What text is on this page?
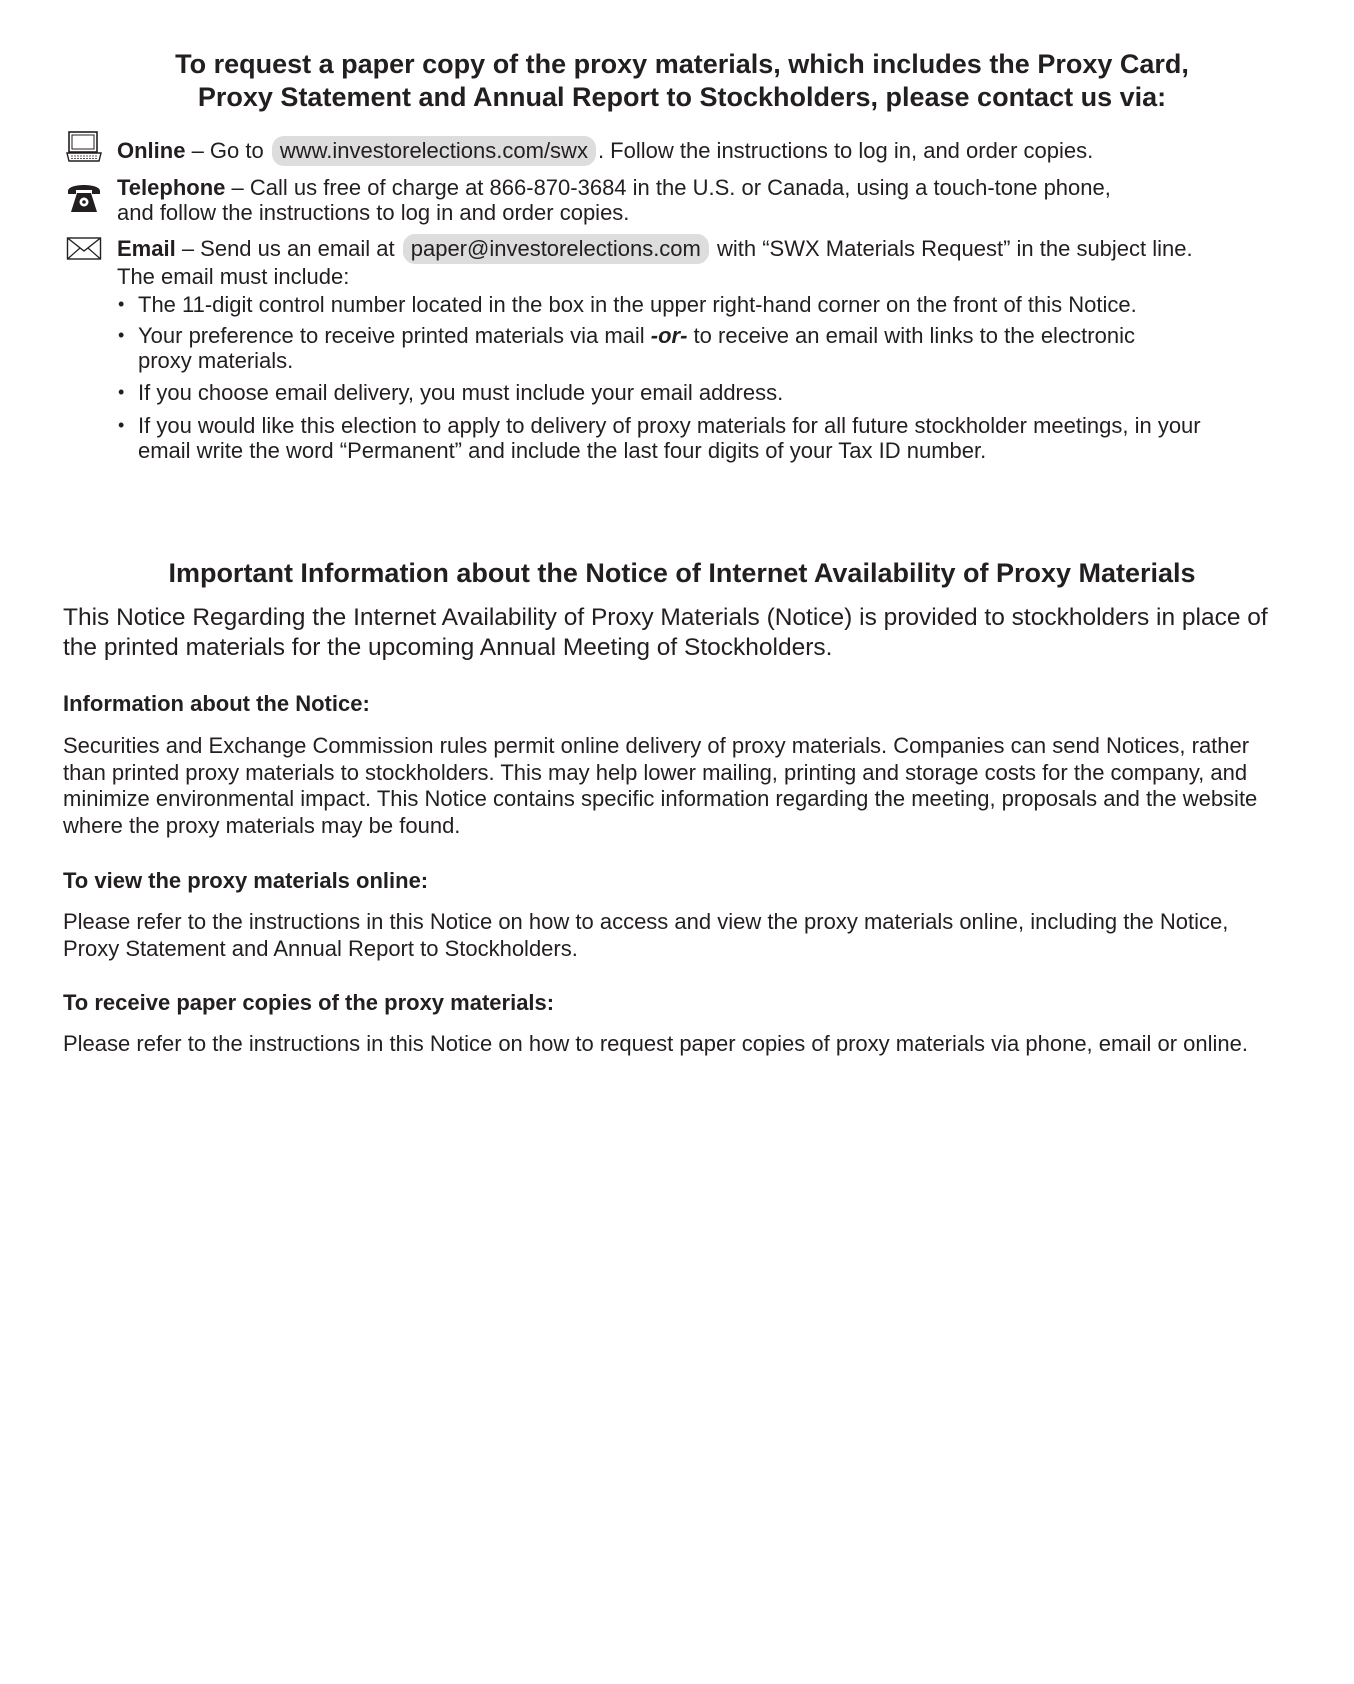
To request a paper copy of the proxy materials, which includes the Proxy Card,
Proxy Statement and Annual Report to Stockholders, please contact us via:
Online – Go to www.investorelections.com/swx . Follow the instructions to log in, and order copies.
Telephone – Call us free of charge at 866-870-3684 in the U.S. or Canada, using a touch-tone phone,
and follow the instructions to log in and order copies.
Email – Send us an email at paper@investorelections.com with “SWX Materials Request” in the subject line.
The email must include:
• The 11-digit control number located in the box in the upper right-hand corner on the front of this Notice.
• Your preference to receive printed materials via mail -or- to receive an email with links to the electronic
proxy materials.
• If you choose email delivery, you must include your email address.
• If you would like this election to apply to delivery of proxy materials for all future stockholder meetings, in your
email write the word “Permanent” and include the last four digits of your Tax ID number.
Important Information about the Notice of Internet Availability of Proxy Materials
This Notice Regarding the Internet Availability of Proxy Materials (Notice) is provided to stockholders in place of
the printed materials for the upcoming Annual Meeting of Stockholders.
Information about the Notice:
Securities and Exchange Commission rules permit online delivery of proxy materials. Companies can send Notices, rather
than printed proxy materials to stockholders. This may help lower mailing, printing and storage costs for the company, and
minimize environmental impact. This Notice contains specific information regarding the meeting, proposals and the website
where the proxy materials may be found.
To view the proxy materials online:
Please refer to the instructions in this Notice on how to access and view the proxy materials online, including the Notice,
Proxy Statement and Annual Report to Stockholders.
To receive paper copies of the proxy materials:
Please refer to the instructions in this Notice on how to request paper copies of proxy materials via phone, email or online.
